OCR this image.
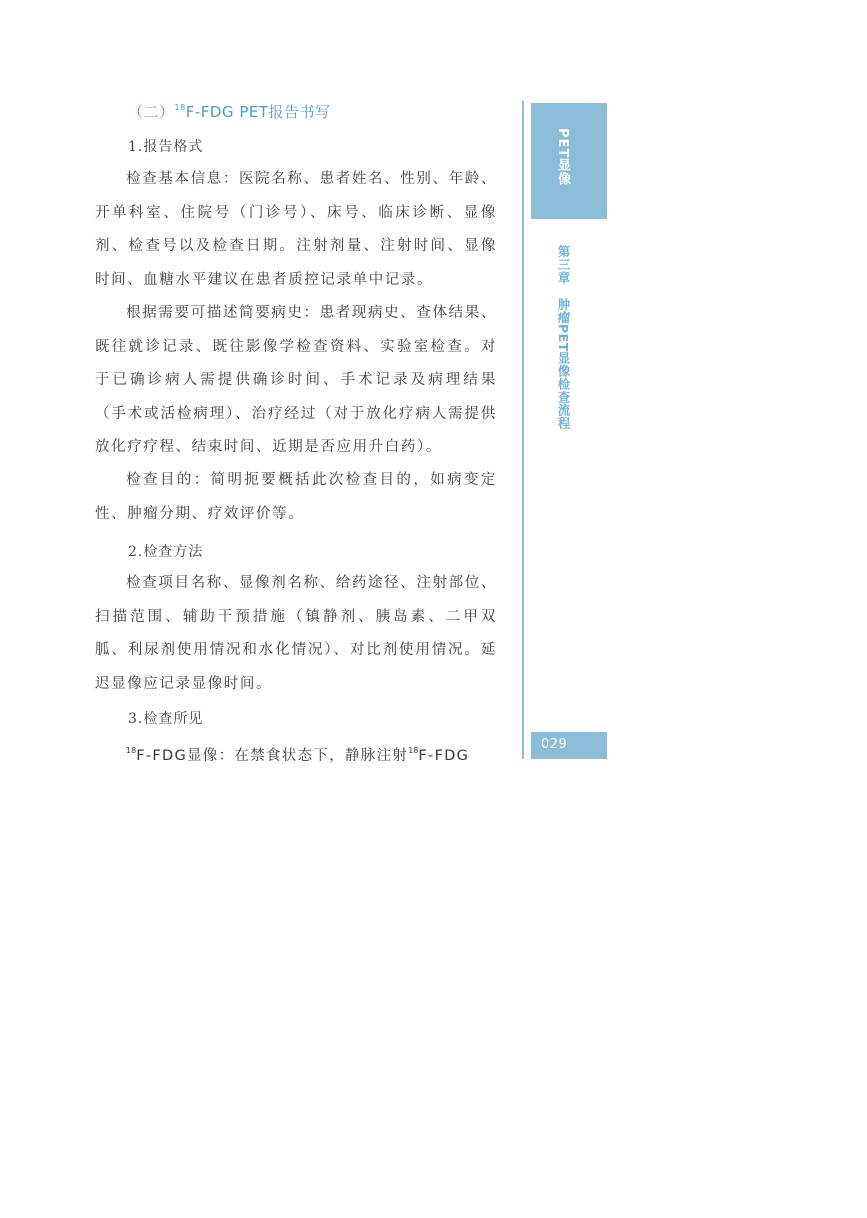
（二）$^{18}$F-FDG PET报告书写
1.报告格式
检查基本信息：医院名称、患者姓名、性别、年龄、开单科室、住院号（门诊号）、床号、临床诊断、显像剂、检查号以及检查日期。注射剂量、注射时间、显像时间、血糖水平建议在患者质控记录单中记录。
根据需要可描述简要病史：患者现病史、查体结果、既往就诊记录、既往影像学检查资料、实验室检查。对于已确诊病人需提供确诊时间、手术记录及病理结果（手术或活检病理）、治疗经过（对于放化疗病人需提供放化疗疗程、结束时间、近期是否应用升白药）。
检查目的：简明扼要概括此次检查目的，如病变定性、肿瘤分期、疗效评价等。
2.检查方法
检查项目名称、显像剂名称、给药途径、注射部位、扫描范围、辅助干预措施（镇静剂、胰岛素、二甲双胍、利尿剂使用情况和水化情况）、对比剂使用情况。延迟显像应记录显像时间。
3.检查所见
$^{18}$F-FDG显像：在禁食状态下，静脉注射$^{18}$F-FDG
PET显像
第三章肿瘤PET显像检查流程
029
